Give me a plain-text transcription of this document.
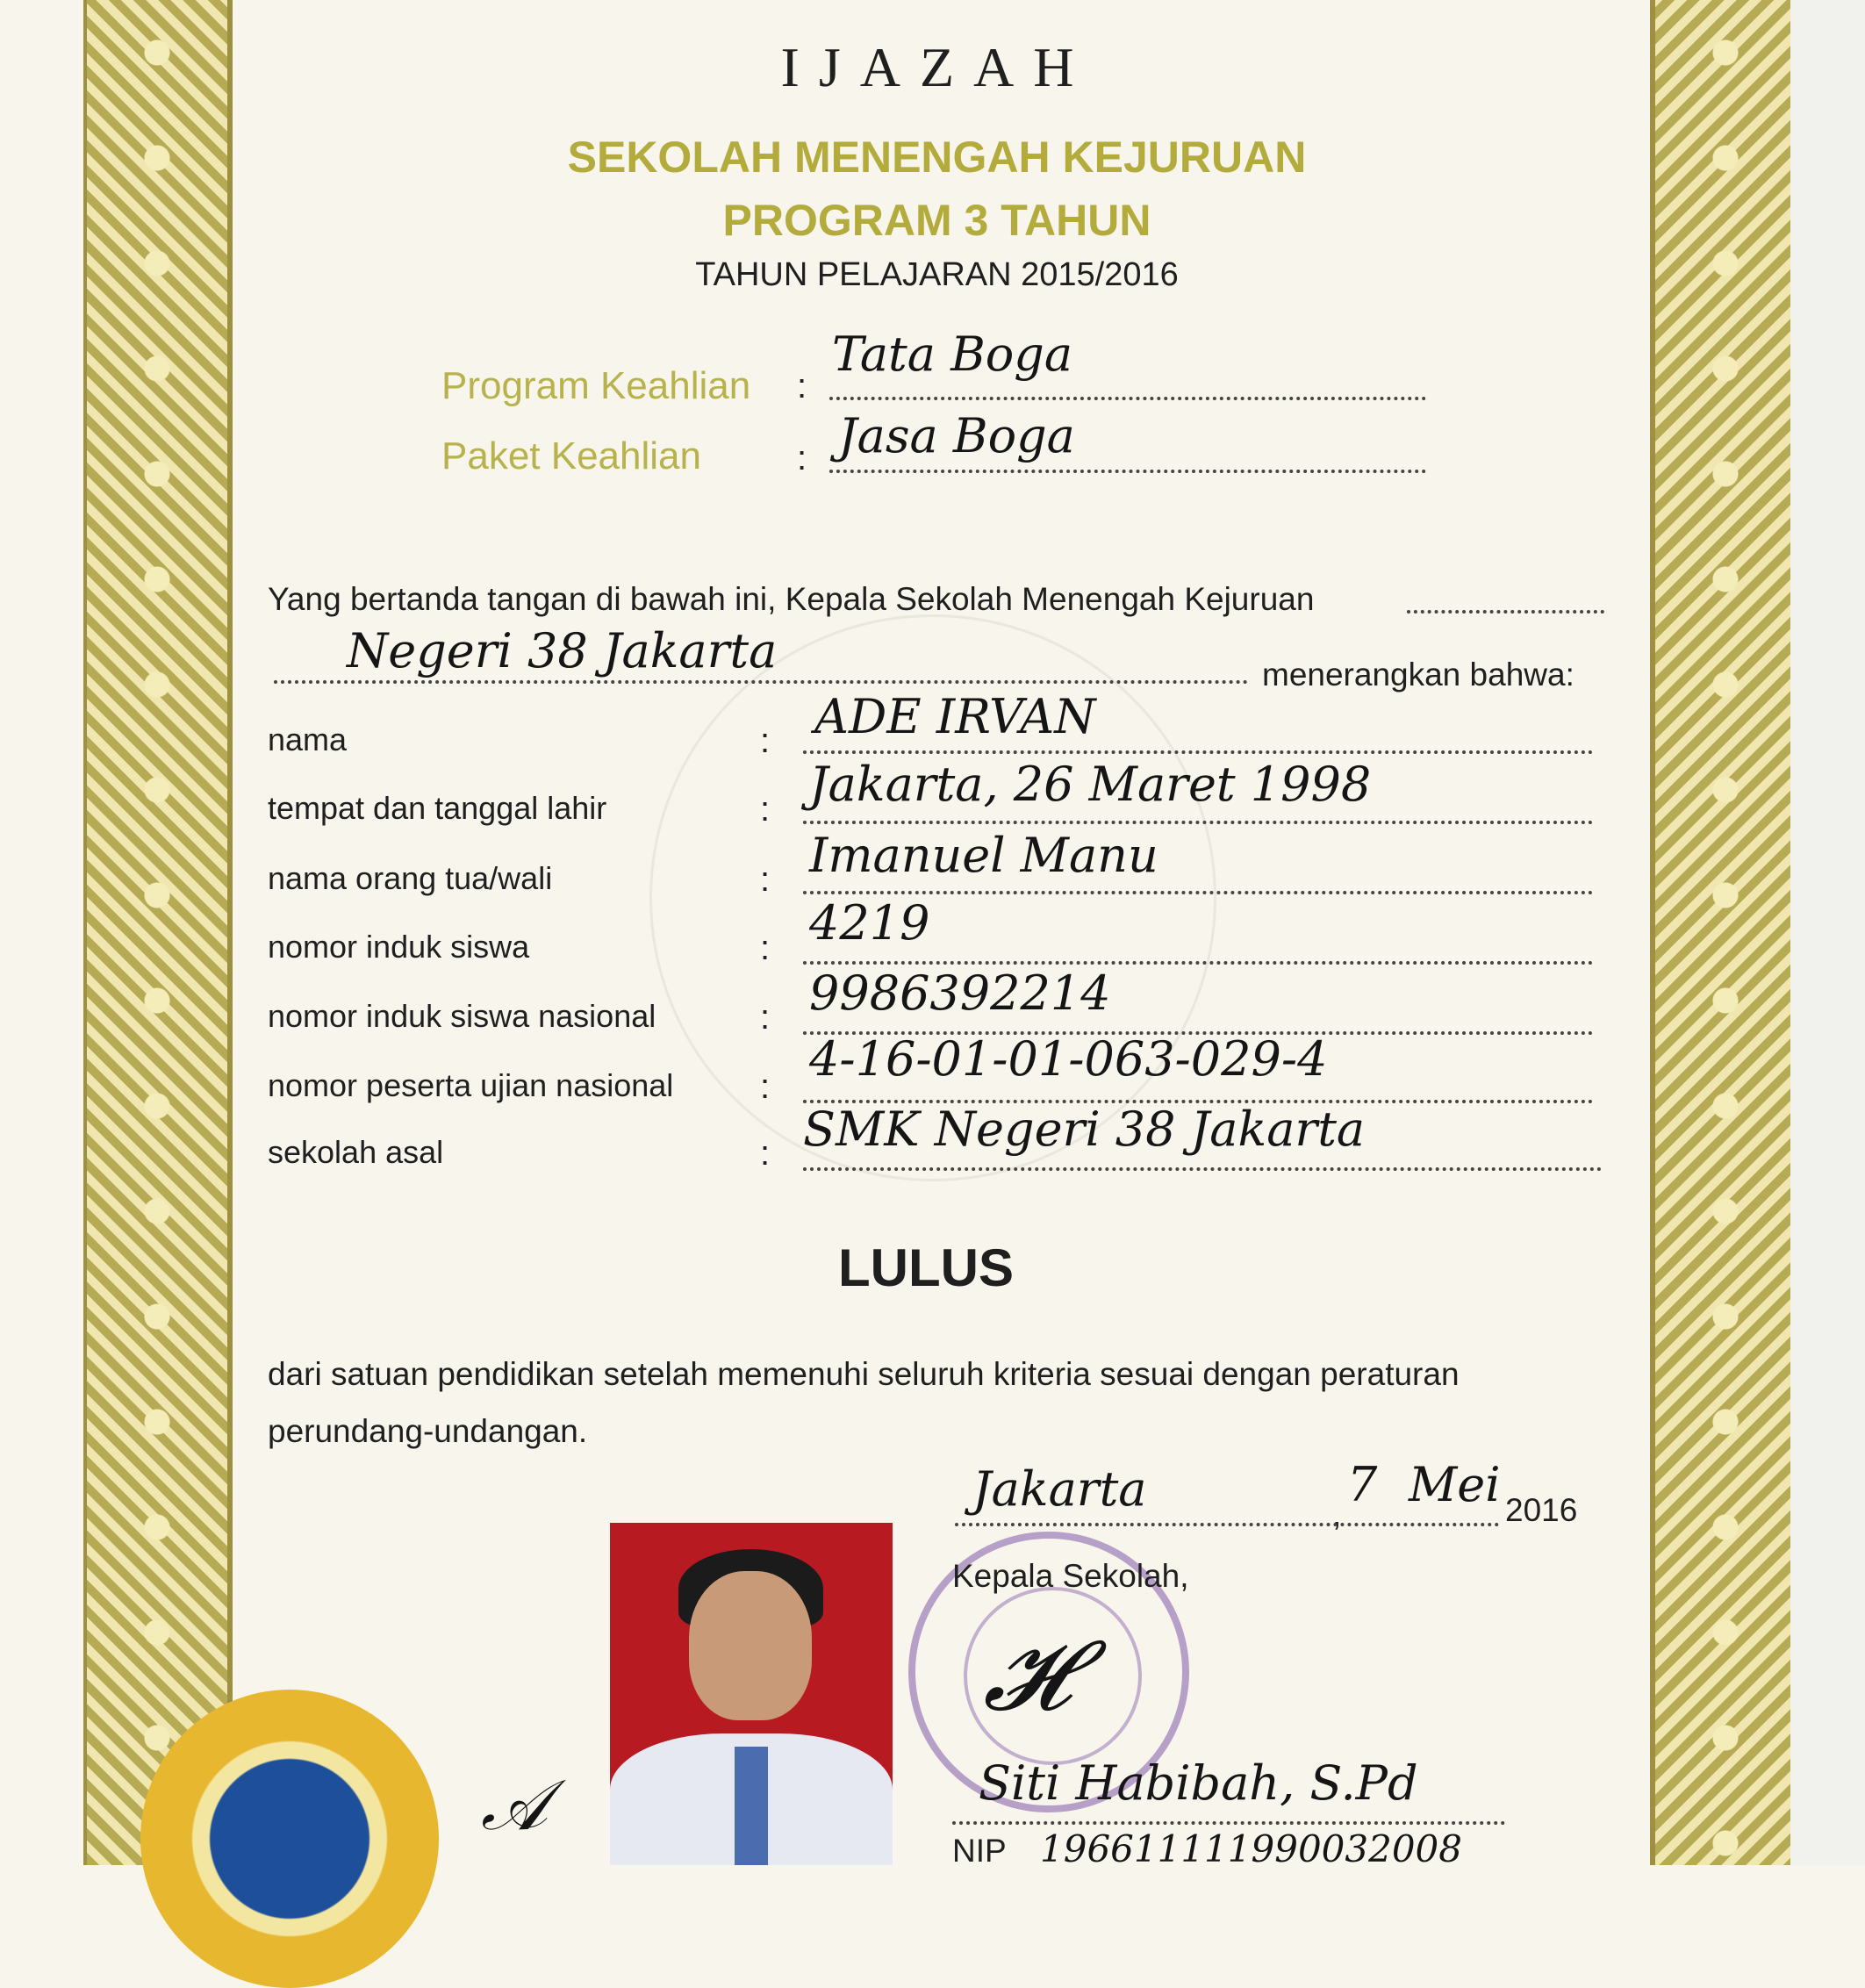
IJAZAH
SEKOLAH MENENGAH KEJURUAN
PROGRAM 3 TAHUN
TAHUN PELAJARAN 2015/2016
Program Keahlian :
Tata Boga
Paket Keahlian	: Jasa Boga
Yang bertanda tangan di bawah ini, Kepala Sekolah Menengah Kejuruan
Negeri 38 Jakarta	menerangkan bahwa:
nama	: ADE IRVAN
tempat dan tanggal lahir	: Jakarta, 26 Maret 1998
nama orang tua/wali	: Imanuel Manu
nomor induk siswa	: 4219
nomor induk siswa nasional	: 9986392214
nomor peserta ujian nasional : 4-16-01-01-063-029-4
sekolah asal	: SMK Negeri 38 Jakarta
LULUS
dari satuan pendidikan setelah memenuhi seluruh kriteria sesuai dengan peraturan
perundang-undangan.
Jakarta	,
7 Mei 2016
Kepala Sekolah,
𝓗
Siti Habibah, S.Pd
NIP 196611111990032008
𝒜
